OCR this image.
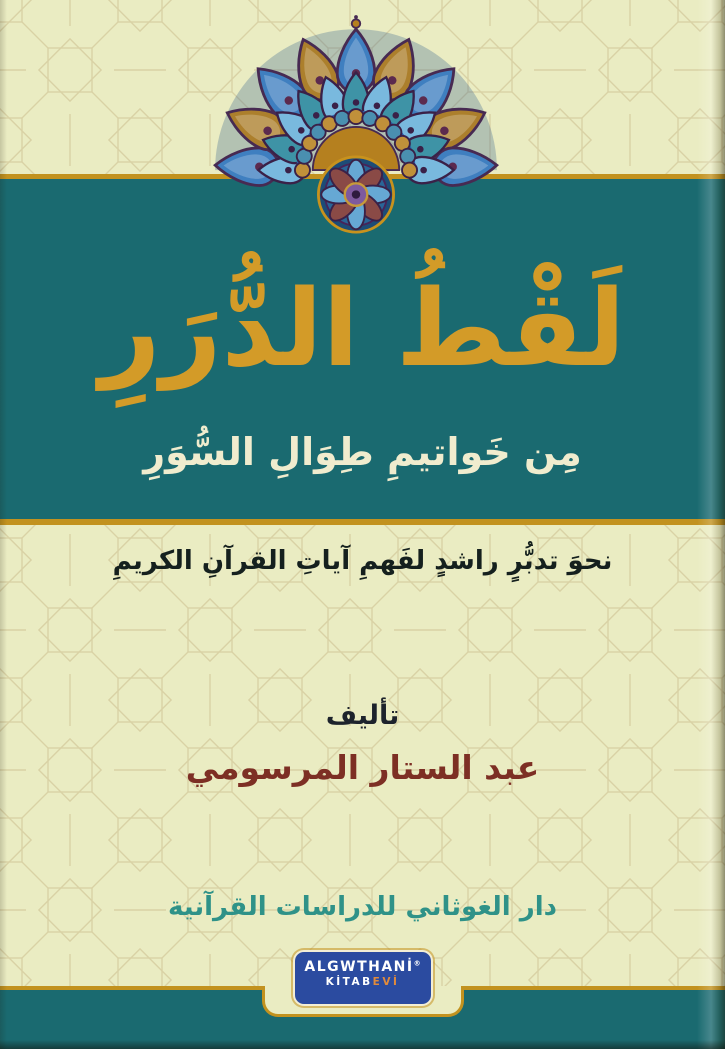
لَقْطُ الدُّرَرِ
مِن خَواتيمِ طِوَالِ السُّوَرِ
نحوَ تدبُّرٍ راشدٍ لفَهمِ آياتِ القرآنِ الكريمِ
تأليف
عبد الستار المرسومي
دار الغوثاني للدراسات القرآنية
ALGWTHANİ®
KİTABEVİ
